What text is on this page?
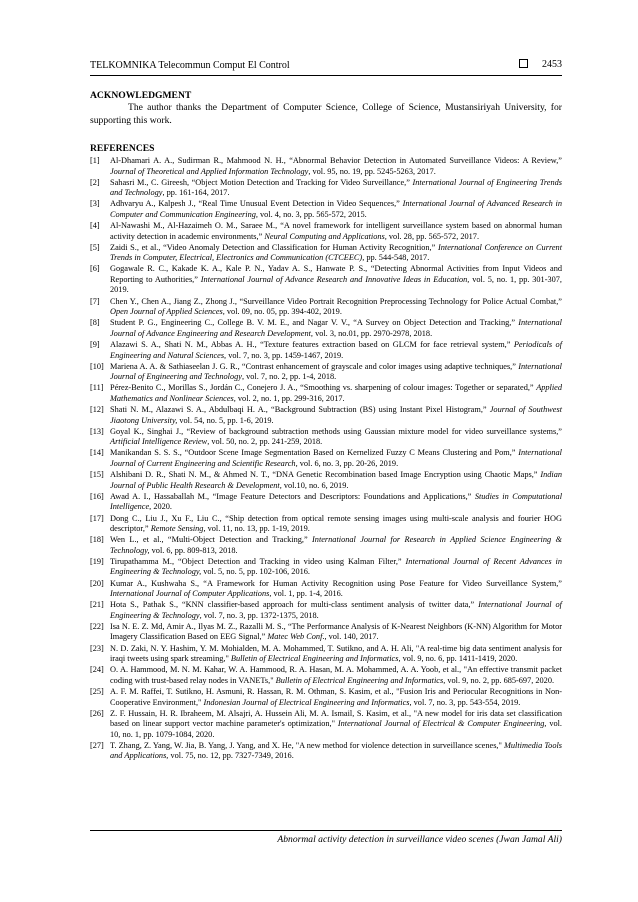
TELKOMNIKA Telecommun Comput El Control	2453
ACKNOWLEDGMENT
The author thanks the Department of Computer Science, College of Science, Mustansiriyah University, for supporting this work.
REFERENCES
[1]	Al-Dhamari A. A., Sudirman R., Mahmood N. H., “Abnormal Behavior Detection in Automated Surveillance Videos: A Review,” Journal of Theoretical and Applied Information Technology, vol. 95, no. 19, pp. 5245-5263, 2017.
[2]	Sahasri M., C. Gireesh, “Object Motion Detection and Tracking for Video Surveillance,” International Journal of Engineering Trends and Technology, pp. 161-164, 2017.
[3]	Adhvaryu A., Kalpesh J., “Real Time Unusual Event Detection in Video Sequences,” International Journal of Advanced Research in Computer and Communication Engineering, vol. 4, no. 3, pp. 565-572, 2015.
[4]	Al-Nawashi M., Al-Hazaimeh O. M., Saraee M., “A novel framework for intelligent surveillance system based on abnormal human activity detection in academic environments,” Neural Computing and Applications, vol. 28, pp. 565-572, 2017.
[5]	Zaidi S., et al., “Video Anomaly Detection and Classification for Human Activity Recognition,” International Conference on Current Trends in Computer, Electrical, Electronics and Communication (CTCEEC), pp. 544-548, 2017.
[6]	Gogawale R. C., Kakade K. A., Kale P. N., Yadav A. S., Hanwate P. S., “Detecting Abnormal Activities from Input Videos and Reporting to Authorities,” International Journal of Advance Research and Innovative Ideas in Education, vol. 5, no. 1, pp. 301-307, 2019.
[7]	Chen Y., Chen A., Jiang Z., Zhong J., “Surveillance Video Portrait Recognition Preprocessing Technology for Police Actual Combat,” Open Journal of Applied Sciences, vol. 09, no. 05, pp. 394-402, 2019.
[8]	Student P. G., Engineering C., College B. V. M. E., and Nagar V. V., “A Survey on Object Detection and Tracking,” International Journal of Advance Engineering and Research Development, vol. 3, no.01, pp. 2970-2978, 2018.
[9]	Alazawi S. A., Shati N. M., Abbas A. H., “Texture features extraction based on GLCM for face retrieval system,” Periodicals of Engineering and Natural Sciences, vol. 7, no. 3, pp. 1459-1467, 2019.
[10] Mariena A. A. & Sathiaseelan J. G. R., “Contrast enhancement of grayscale and color images using adaptive techniques,” International Journal of Engineering and Technology, vol. 7, no. 2, pp. 1-4, 2018.
[11] Pérez-Benito C., Morillas S., Jordán C., Conejero J. A., “Smoothing vs. sharpening of colour images: Together or separated,” Applied Mathematics and Nonlinear Sciences, vol. 2, no. 1, pp. 299-316, 2017.
[12] Shati N. M., Alazawi S. A., Abdulbaqi H. A., “Background Subtraction (BS) using Instant Pixel Histogram,” Journal of Southwest Jiaotong University, vol. 54, no. 5, pp. 1-6, 2019.
[13] Goyal K., Singhai J., “Review of background subtraction methods using Gaussian mixture model for video surveillance systems,” Artificial Intelligence Review, vol. 50, no. 2, pp. 241-259, 2018.
[14] Manikandan S. S. S., “Outdoor Scene Image Segmentation Based on Kernelized Fuzzy C Means Clustering and Pom,” International Journal of Current Engineering and Scientific Research, vol. 6, no. 3, pp. 20-26, 2019.
[15] Alshibani D. R., Shati N. M., & Ahmed N. T., “DNA Genetic Recombination based Image Encryption using Chaotic Maps,” Indian Journal of Public Health Research & Development, vol.10, no. 6, 2019.
[16] Awad A. I., Hassaballah M., “Image Feature Detectors and Descriptors: Foundations and Applications,” Studies in Computational Intelligence, 2020.
[17] Dong C., Liu J., Xu F., Liu C., “Ship detection from optical remote sensing images using multi-scale analysis and fourier HOG descriptor,” Remote Sensing, vol. 11, no. 13, pp. 1-19, 2019.
[18] Wen L., et al., “Multi-Object Detection and Tracking,” International Journal for Research in Applied Science Engineering & Technology, vol. 6, pp. 809-813, 2018.
[19] Tirupathamma M., “Object Detection and Tracking in video using Kalman Filter,” International Journal of Recent Advances in Engineering & Technology, vol. 5, no. 5, pp. 102-106, 2016.
[20] Kumar A., Kushwaha S., “A Framework for Human Activity Recognition using Pose Feature for Video Surveillance System,” International Journal of Computer Applications, vol. 1, pp. 1-4, 2016.
[21] Hota S., Pathak S., “KNN classifier-based approach for multi-class sentiment analysis of twitter data,” International Journal of Engineering & Technology, vol. 7, no. 3, pp. 1372-1375, 2018.
[22] Isa N. E. Z. Md, Amir A., Ilyas M. Z., Razalli M. S., “The Performance Analysis of K-Nearest Neighbors (K-NN) Algorithm for Motor Imagery Classification Based on EEG Signal,” Matec Web Conf., vol. 140, 2017.
[23] N. D. Zaki, N. Y. Hashim, Y. M. Mohialden, M. A. Mohammed, T. Sutikno, and A. H. Ali, "A real-time big data sentiment analysis for iraqi tweets using spark streaming," Bulletin of Electrical Engineering and Informatics, vol. 9, no. 6, pp. 1411-1419, 2020.
[24] O. A. Hammood, M. N. M. Kahar, W. A. Hammood, R. A. Hasan, M. A. Mohammed, A. A. Yoob, et al., "An effective transmit packet coding with trust-based relay nodes in VANETs," Bulletin of Electrical Engineering and Informatics, vol. 9, no. 2, pp. 685-697, 2020.
[25] A. F. M. Raffei, T. Sutikno, H. Asmuni, R. Hassan, R. M. Othman, S. Kasim, et al., "Fusion Iris and Periocular Recognitions in Non-Cooperative Environment," Indonesian Journal of Electrical Engineering and Informatics, vol. 7, no. 3, pp. 543-554, 2019.
[26] Z. F. Hussain, H. R. Ibraheem, M. Alsajri, A. Hussein Ali, M. A. Ismail, S. Kasim, et al., "A new model for iris data set classification based on linear support vector machine parameter's optimization," International Journal of Electrical & Computer Engineering, vol. 10, no. 1, pp. 1079-1084, 2020.
[27] T. Zhang, Z. Yang, W. Jia, B. Yang, J. Yang, and X. He, "A new method for violence detection in surveillance scenes," Multimedia Tools and Applications, vol. 75, no. 12, pp. 7327-7349, 2016.
Abnormal activity detection in surveillance video scenes (Jwan Jamal Ali)
